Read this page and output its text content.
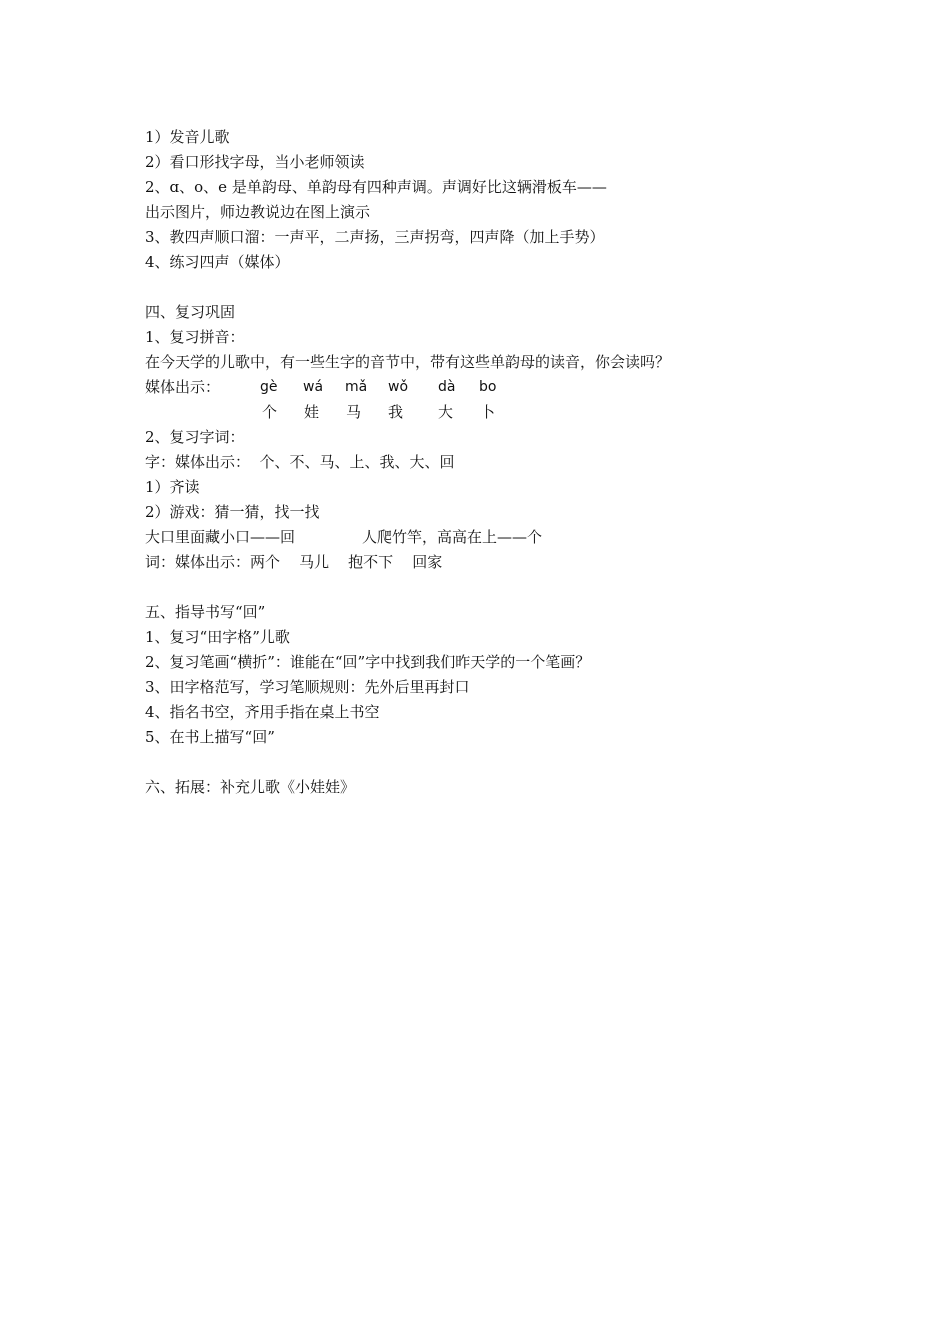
1）发音儿歌
2）看口形找字母，当小老师领读
2、ɑ、o、e 是单韵母、单韵母有四种声调。声调好比这辆滑板车——
出示图片，师边教说边在图上演示
3、教四声顺口溜：一声平，二声扬，三声拐弯，四声降（加上手势）
4、练习四声（媒体）
四、复习巩固
1、复习拼音：
在今天学的儿歌中，有一些生字的音节中，带有这些单韵母的读音，你会读吗？
媒体出示：	gè wá mǎ wǒ dà bo
个 娃 马 我 大 卜
2、复习字词：
字：媒体出示：  个、不、马、上、我、大、回
1）齐读
2）游戏：猜一猜，找一找
大口里面藏小口——回	人爬竹竿，高高在上——个
词：媒体出示：两个    马儿    抱不下    回家
五、指导书写“回”
1、复习“田字格”儿歌
2、复习笔画“横折”：谁能在“回”字中找到我们昨天学的一个笔画？
3、田字格范写，学习笔顺规则：先外后里再封口
4、指名书空，齐用手指在桌上书空
5、在书上描写“回”
六、拓展：补充儿歌《小娃娃》
